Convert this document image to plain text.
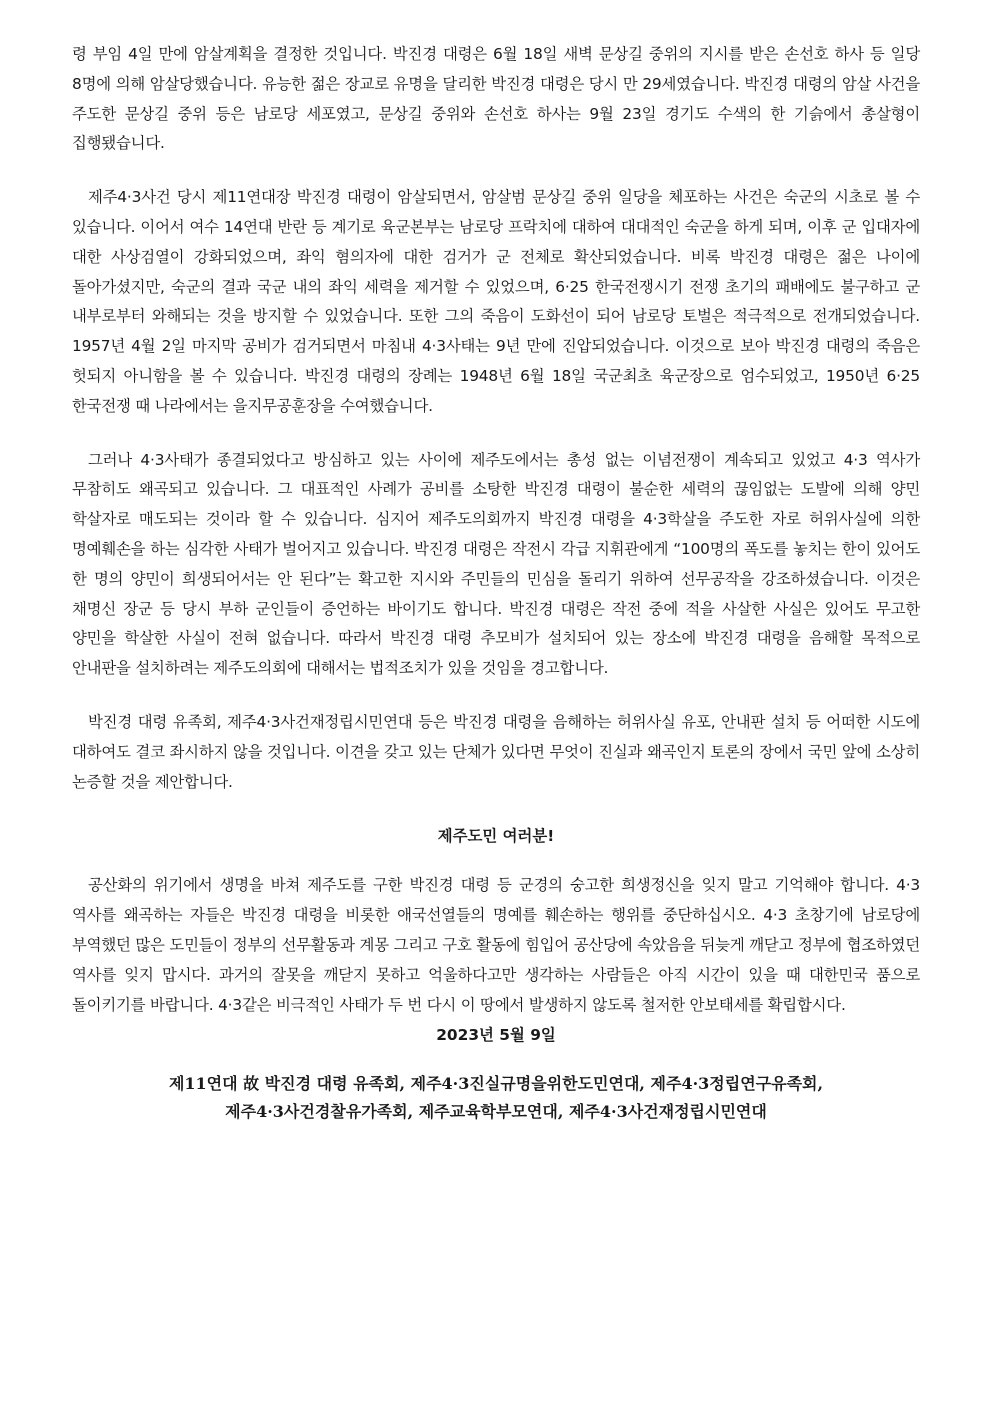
령 부임 4일 만에 암살계획을 결정한 것입니다. 박진경 대령은 6월 18일 새벽 문상길 중위의 지시를 받은 손선호 하사 등 일당 8명에 의해 암살당했습니다. 유능한 젊은 장교로 유명을 달리한 박진경 대령은 당시 만 29세였습니다. 박진경 대령의 암살 사건을 주도한 문상길 중위 등은 남로당 세포였고, 문상길 중위와 손선호 하사는 9월 23일 경기도 수색의 한 기슭에서 총살형이 집행됐습니다.

제주4·3사건 당시 제11연대장 박진경 대령이 암살되면서, 암살범 문상길 중위 일당을 체포하는 사건은 숙군의 시초로 볼 수 있습니다. 이어서 여수 14연대 반란 등 계기로 육군본부는 남로당 프락치에 대하여 대대적인 숙군을 하게 되며, 이후 군 입대자에 대한 사상검열이 강화되었으며, 좌익 혐의자에 대한 검거가 군 전체로 확산되었습니다. 비록 박진경 대령은 젊은 나이에 돌아가셨지만, 숙군의 결과 국군 내의 좌익 세력을 제거할 수 있었으며, 6·25 한국전쟁시기 전쟁 초기의 패배에도 불구하고 군 내부로부터 와해되는 것을 방지할 수 있었습니다. 또한 그의 죽음이 도화선이 되어 남로당 토벌은 적극적으로 전개되었습니다. 1957년 4월 2일 마지막 공비가 검거되면서 마침내 4·3사태는 9년 만에 진압되었습니다. 이것으로 보아 박진경 대령의 죽음은 헛되지 아니함을 볼 수 있습니다. 박진경 대령의 장례는 1948년 6월 18일 국군최초 육군장으로 엄수되었고, 1950년 6·25 한국전쟁 때 나라에서는 을지무공훈장을 수여했습니다.

그러나 4·3사태가 종결되었다고 방심하고 있는 사이에 제주도에서는 총성 없는 이념전쟁이 계속되고 있었고 4·3 역사가 무참히도 왜곡되고 있습니다. 그 대표적인 사례가 공비를 소탕한 박진경 대령이 불순한 세력의 끊임없는 도발에 의해 양민 학살자로 매도되는 것이라 할 수 있습니다. 심지어 제주도의회까지 박진경 대령을 4·3학살을 주도한 자로 허위사실에 의한 명예훼손을 하는 심각한 사태가 벌어지고 있습니다. 박진경 대령은 작전시 각급 지휘관에게 “100명의 폭도를 놓치는 한이 있어도 한 명의 양민이 희생되어서는 안 된다”는 확고한 지시와 주민들의 민심을 돌리기 위하여 선무공작을 강조하셨습니다. 이것은 채명신 장군 등 당시 부하 군인들이 증언하는 바이기도 합니다. 박진경 대령은 작전 중에 적을 사살한 사실은 있어도 무고한 양민을 학살한 사실이 전혀 없습니다. 따라서 박진경 대령 추모비가 설치되어 있는 장소에 박진경 대령을 음해할 목적으로 안내판을 설치하려는 제주도의회에 대해서는 법적조치가 있을 것임을 경고합니다.

박진경 대령 유족회, 제주4·3사건재정립시민연대 등은 박진경 대령을 음해하는 허위사실 유포, 안내판 설치 등 어떠한 시도에 대하여도 결코 좌시하지 않을 것입니다. 이견을 갖고 있는 단체가 있다면 무엇이 진실과 왜곡인지 토론의 장에서 국민 앞에 소상히 논증할 것을 제안합니다.

제주도민 여러분!

공산화의 위기에서 생명을 바쳐 제주도를 구한 박진경 대령 등 군경의 숭고한 희생정신을 잊지 말고 기억해야 합니다. 4·3 역사를 왜곡하는 자들은 박진경 대령을 비롯한 애국선열들의 명예를 훼손하는 행위를 중단하십시오. 4·3 초창기에 남로당에 부역했던 많은 도민들이 정부의 선무활동과 계몽 그리고 구호 활동에 힘입어 공산당에 속았음을 뒤늦게 깨닫고 정부에 협조하였던 역사를 잊지 맙시다. 과거의 잘못을 깨닫지 못하고 억울하다고만 생각하는 사람들은 아직 시간이 있을 때 대한민국 품으로 돌이키기를 바랍니다. 4·3같은 비극적인 사태가 두 번 다시 이 땅에서 발생하지 않도록 철저한 안보태세를 확립합시다.

2023년 5월 9일

제11연대 故 박진경 대령 유족회, 제주4·3진실규명을위한도민연대, 제주4·3정립연구유족회,

제주4·3사건경찰유가족회, 제주교육학부모연대, 제주4·3사건재정립시민연대
